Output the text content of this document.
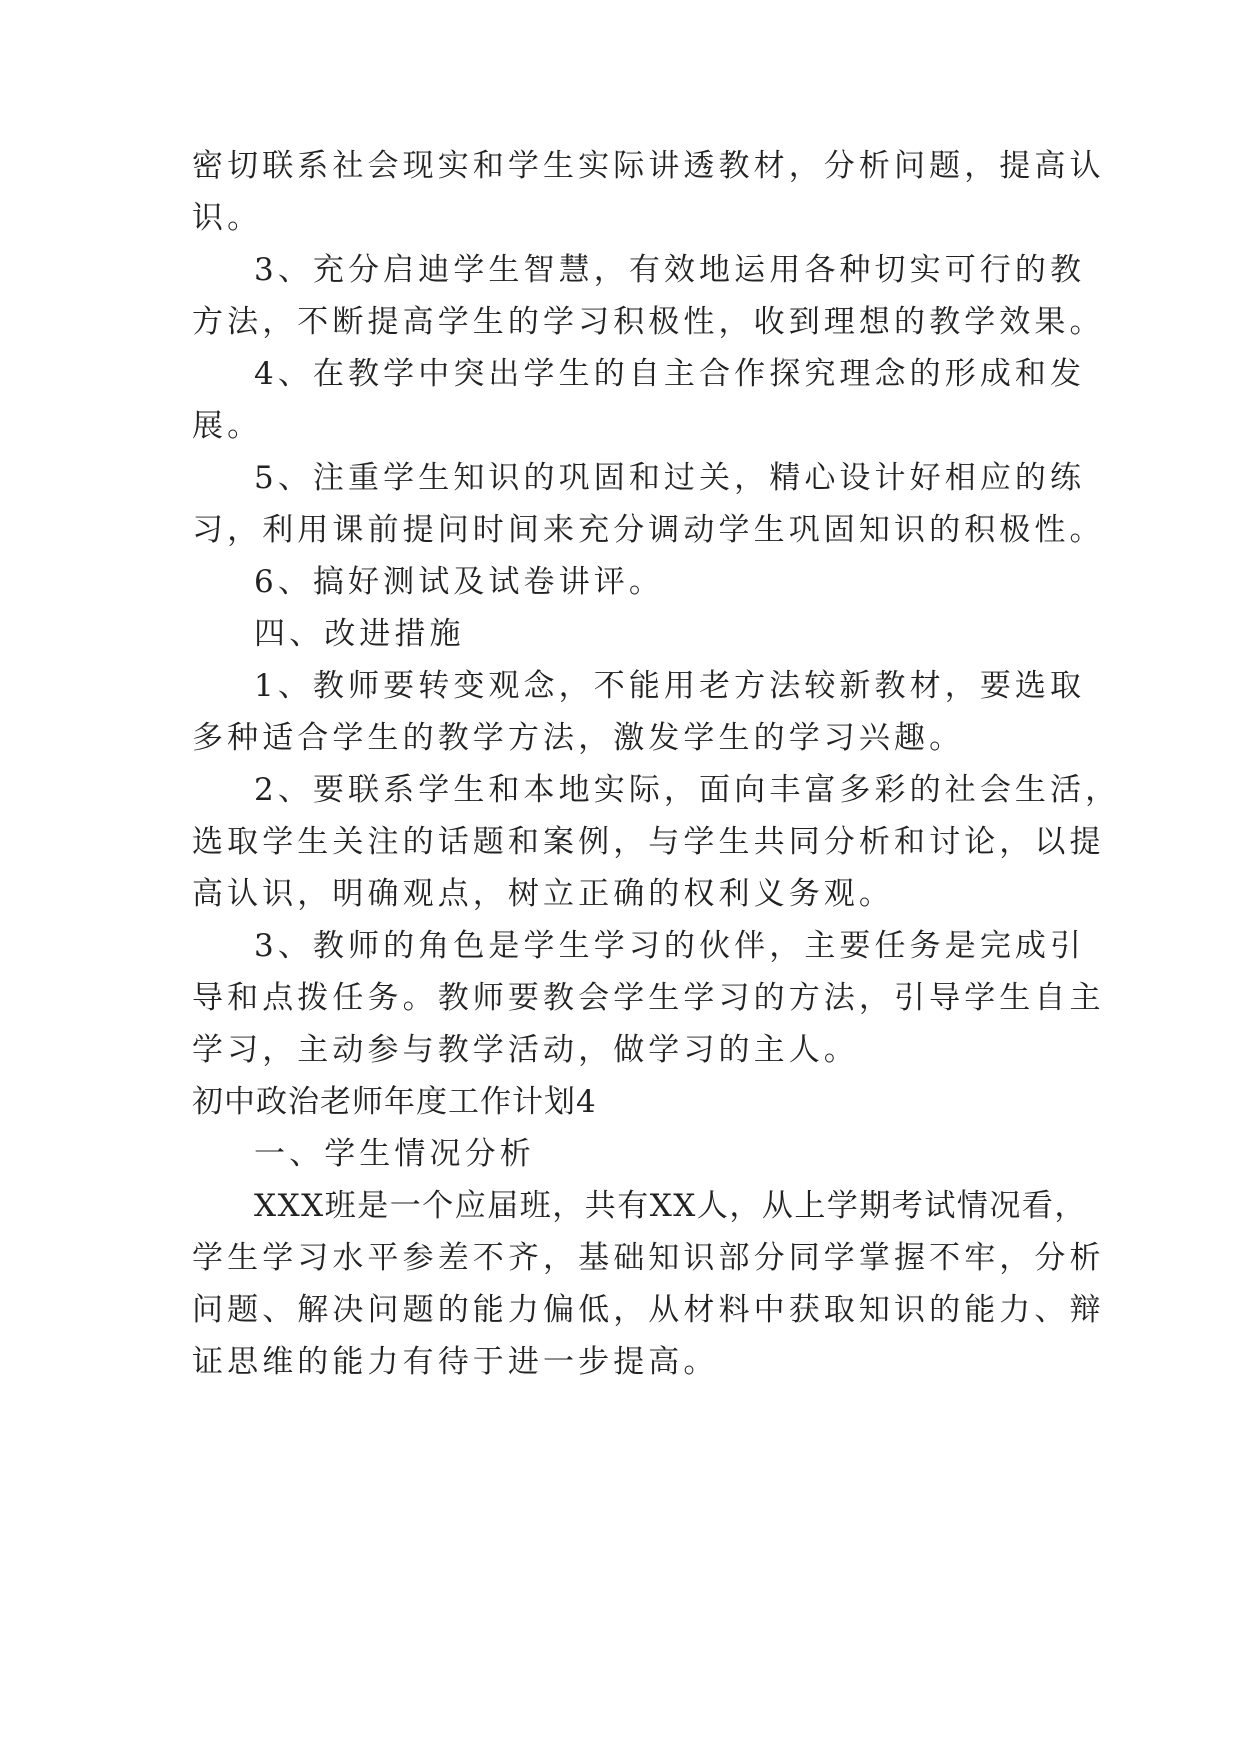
密切联系社会现实和学生实际讲透教材，分析问题，提高认
识。
3、充分启迪学生智慧，有效地运用各种切实可行的教
方法，不断提高学生的学习积极性，收到理想的教学效果。
4、在教学中突出学生的自主合作探究理念的形成和发
展。
5、注重学生知识的巩固和过关，精心设计好相应的练
习，利用课前提问时间来充分调动学生巩固知识的积极性。
6、搞好测试及试卷讲评。
四、改进措施
1、教师要转变观念，不能用老方法较新教材，要选取
多种适合学生的教学方法，激发学生的学习兴趣。
2、要联系学生和本地实际，面向丰富多彩的社会生活，
选取学生关注的话题和案例，与学生共同分析和讨论，以提
高认识，明确观点，树立正确的权利义务观。
3、教师的角色是学生学习的伙伴，主要任务是完成引
导和点拨任务。教师要教会学生学习的方法，引导学生自主
学习，主动参与教学活动，做学习的主人。
初中政治老师年度工作计划4
一、学生情况分析
XXX班是一个应届班，共有XX人，从上学期考试情况看，
学生学习水平参差不齐，基础知识部分同学掌握不牢，分析
问题、解决问题的能力偏低，从材料中获取知识的能力、辩
证思维的能力有待于进一步提高。
